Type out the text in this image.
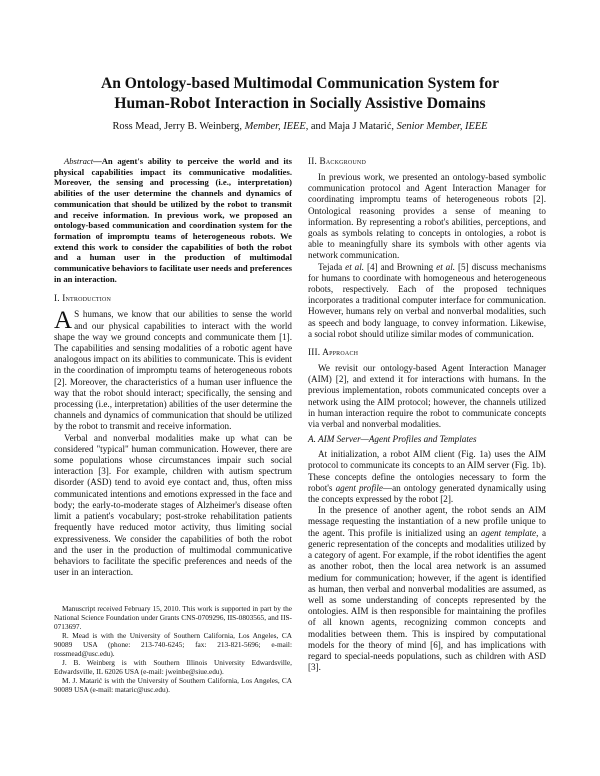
An Ontology-based Multimodal Communication System for
Human-Robot Interaction in Socially Assistive Domains
Ross Mead, Jerry B. Weinberg, Member, IEEE, and Maja J Matarić, Senior Member, IEEE

Abstract—An agent's ability to perceive the world and its physical capabilities impact its communicative modalities. Moreover, the sensing and processing (i.e., interpretation) abilities of the user determine the channels and dynamics of communication that should be utilized by the robot to transmit and receive information. In previous work, we proposed an ontology-based communication and coordination system for the formation of impromptu teams of heterogeneous robots. We extend this work to consider the capabilities of both the robot and a human user in the production of multimodal communicative behaviors to facilitate user needs and preferences in an interaction.

I. Introduction

A S humans, we know that our abilities to sense the world and our physical capabilities to interact with the world shape the way we ground concepts and communicate them [1]. The capabilities and sensing modalities of a robotic agent have analogous impact on its abilities to communicate. This is evident in the coordination of impromptu teams of heterogeneous robots [2]. Moreover, the characteristics of a human user influence the way that the robot should interact; specifically, the sensing and processing (i.e., interpretation) abilities of the user determine the channels and dynamics of communication that should be utilized by the robot to transmit and receive information.

Verbal and nonverbal modalities make up what can be considered "typical" human communication. However, there are some populations whose circumstances impair such social interaction [3]. For example, children with autism spectrum disorder (ASD) tend to avoid eye contact and, thus, often miss communicated intentions and emotions expressed in the face and body; the early-to-moderate stages of Alzheimer's disease often limit a patient's vocabulary; post-stroke rehabilitation patients frequently have reduced motor activity, thus limiting social expressiveness. We consider the capabilities of both the robot and the user in the production of multimodal communicative behaviors to facilitate the specific preferences and needs of the user in an interaction.

Manuscript received February 15, 2010. This work is supported in part by the National Science Foundation under Grants CNS-0709296, IIS-0803565, and IIS-0713697.

R. Mead is with the University of Southern California, Los Angeles, CA 90089 USA (phone: 213-740-6245; fax: 213-821-5696; e-mail: rossmead@usc.edu).

J. B. Weinberg is with Southern Illinois University Edwardsville, Edwardsville, IL 62026 USA (e-mail: jweinbe@siue.edu).

M. J. Matarić is with the University of Southern California, Los Angeles, CA 90089 USA (e-mail: mataric@usc.edu).

II. Background

In previous work, we presented an ontology-based symbolic communication protocol and Agent Interaction Manager for coordinating impromptu teams of heterogeneous robots [2]. Ontological reasoning provides a sense of meaning to information. By representing a robot's abilities, perceptions, and goals as symbols relating to concepts in ontologies, a robot is able to meaningfully share its symbols with other agents via network communication.

Tejada et al. [4] and Browning et al. [5] discuss mechanisms for humans to coordinate with homogeneous and heterogeneous robots, respectively. Each of the proposed techniques incorporates a traditional computer interface for communication. However, humans rely on verbal and nonverbal modalities, such as speech and body language, to convey information. Likewise, a social robot should utilize similar modes of communication.

III. Approach

We revisit our ontology-based Agent Interaction Manager (AIM) [2], and extend it for interactions with humans. In the previous implementation, robots communicated concepts over a network using the AIM protocol; however, the channels utilized in human interaction require the robot to communicate concepts via verbal and nonverbal modalities.

A. AIM Server—Agent Profiles and Templates

At initialization, a robot AIM client (Fig. 1a) uses the AIM protocol to communicate its concepts to an AIM server (Fig. 1b). These concepts define the ontologies necessary to form the robot's agent profile—an ontology generated dynamically using the concepts expressed by the robot [2].

In the presence of another agent, the robot sends an AIM message requesting the instantiation of a new profile unique to the agent. This profile is initialized using an agent template, a generic representation of the concepts and modalities utilized by a category of agent. For example, if the robot identifies the agent as another robot, then the local area network is an assumed medium for communication; however, if the agent is identified as human, then verbal and nonverbal modalities are assumed, as well as some understanding of concepts represented by the ontologies. AIM is then responsible for maintaining the profiles of all known agents, recognizing common concepts and modalities between them. This is inspired by computational models for the theory of mind [6], and has implications with regard to special-needs populations, such as children with ASD [3].
